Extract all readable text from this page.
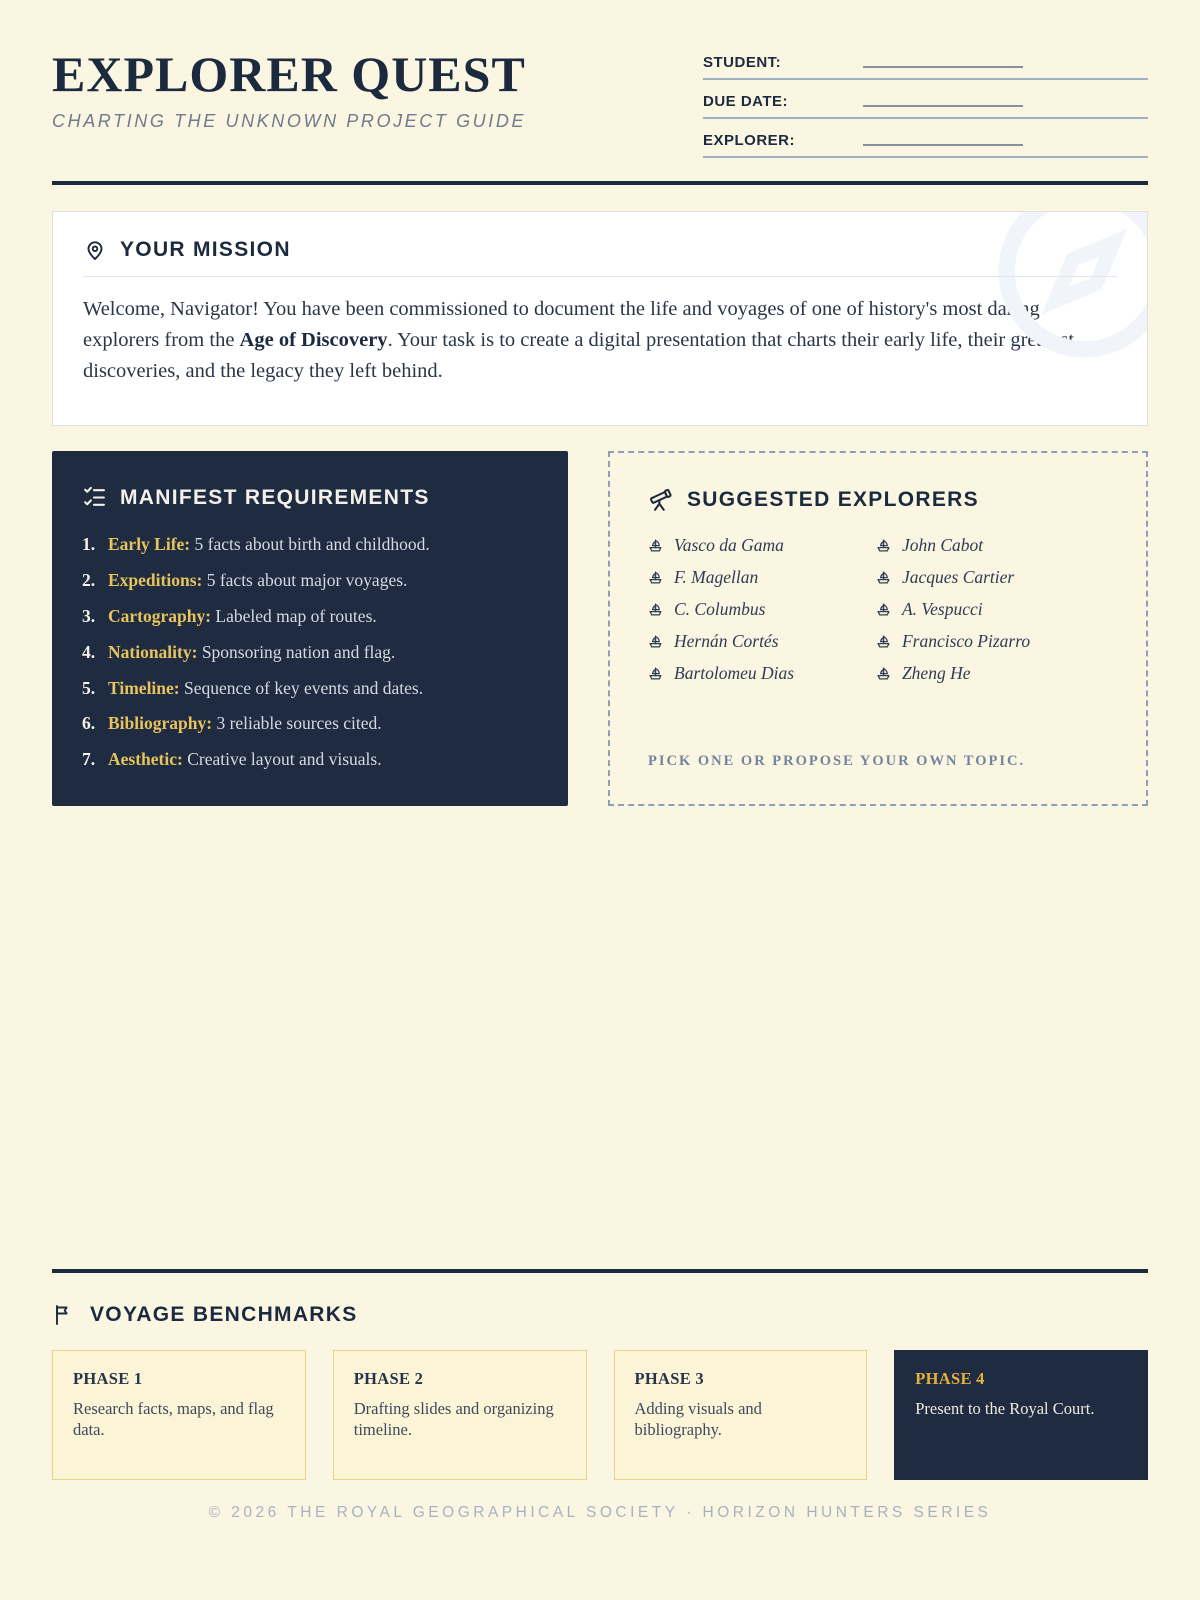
EXPLORER QUEST
CHARTING THE UNKNOWN PROJECT GUIDE
STUDENT:
DUE DATE:
EXPLORER:
YOUR MISSION

Welcome, Navigator! You have been commissioned to document the life and voyages of one of history's most daring explorers from the Age of Discovery. Your task is to create a digital presentation that charts their early life, their greatest discoveries, and the legacy they left behind.

MANIFEST REQUIREMENTS
1. Early Life: 5 facts about birth and childhood.
2. Expeditions: 5 facts about major voyages.
3. Cartography: Labeled map of routes.
4. Nationality: Sponsoring nation and flag.
5. Timeline: Sequence of key events and dates.
6. Bibliography: 3 reliable sources cited.
7. Aesthetic: Creative layout and visuals.
SUGGESTED EXPLORERS
Vasco da Gama
F. Magellan
C. Columbus
Hernán Cortés
Bartolomeu Dias
John Cabot
Jacques Cartier
A. Vespucci
Francisco Pizarro
Zheng He
PICK ONE OR PROPOSE YOUR OWN TOPIC.
VOYAGE BENCHMARKS
PHASE 1
Research facts, maps, and flag data.
PHASE 2
Drafting slides and organizing timeline.
PHASE 3
Adding visuals and bibliography.
PHASE 4
Present to the Royal Court.
© 2026 THE ROYAL GEOGRAPHICAL SOCIETY · HORIZON HUNTERS SERIES
